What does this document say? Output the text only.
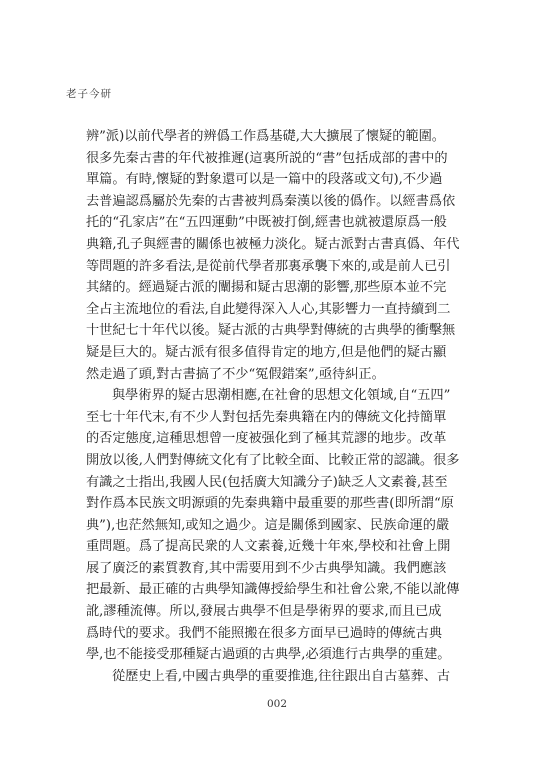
老子今研
辨”派)以前代學者的辨僞工作爲基礎,大大擴展了懷疑的範圍。
很多先秦古書的年代被推遲(這裏所説的“書”包括成部的書中的
單篇。有時,懷疑的對象還可以是一篇中的段落或文句),不少過
去普遍認爲屬於先秦的古書被判爲秦漢以後的僞作。以經書爲依
托的“孔家店”在“五四運動”中既被打倒,經書也就被還原爲一般
典籍,孔子與經書的關係也被極力淡化。疑古派對古書真僞、年代
等問題的許多看法,是從前代學者那裏承襲下來的,或是前人已引
其緒的。經過疑古派的闡揚和疑古思潮的影響,那些原本並不完
全占主流地位的看法,自此變得深入人心,其影響力一直持續到二
十世紀七十年代以後。疑古派的古典學對傳統的古典學的衝擊無
疑是巨大的。疑古派有很多值得肯定的地方,但是他們的疑古顯
然走過了頭,對古書搞了不少“冤假錯案”,亟待糾正。
與學術界的疑古思潮相應,在社會的思想文化領域,自“五四”
至七十年代末,有不少人對包括先秦典籍在内的傳統文化持簡單
的否定態度,這種思想曾一度被强化到了極其荒謬的地步。改革
開放以後,人們對傳統文化有了比較全面、比較正常的認識。很多
有識之士指出,我國人民(包括廣大知識分子)缺乏人文素養,甚至
對作爲本民族文明源頭的先秦典籍中最重要的那些書(即所謂“原
典”),也茫然無知,或知之過少。這是關係到國家、民族命運的嚴
重問題。爲了提高民衆的人文素養,近幾十年來,學校和社會上開
展了廣泛的素質教育,其中需要用到不少古典學知識。我們應該
把最新、最正確的古典學知識傳授給學生和社會公衆,不能以訛傳
訛,謬種流傳。所以,發展古典學不但是學術界的要求,而且已成
爲時代的要求。我們不能照搬在很多方面早已過時的傳統古典
學,也不能接受那種疑古過頭的古典學,必須進行古典學的重建。
從歷史上看,中國古典學的重要推進,往往跟出自古墓葬、古
002
